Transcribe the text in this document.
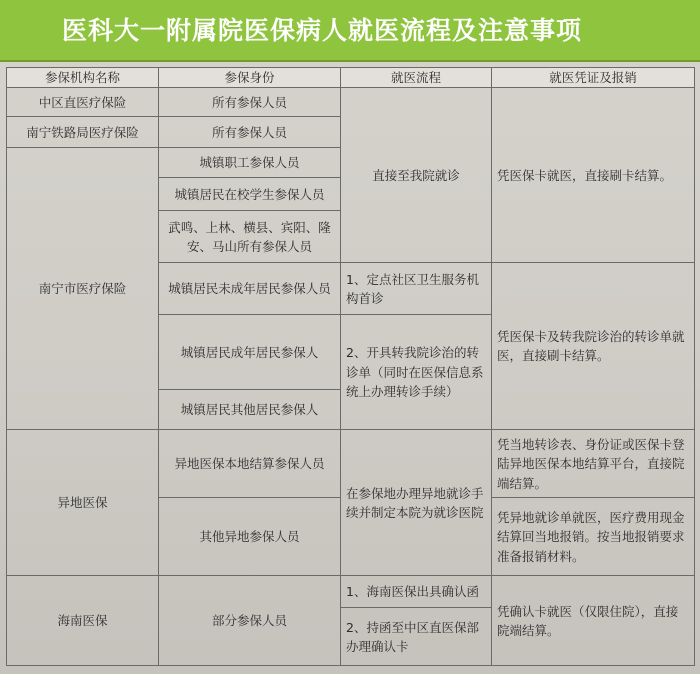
医科大一附属院医保病人就医流程及注意事项
参保机构名称	参保身份	就医流程	就医凭证及报销
中区直医疗保险	所有参保人员	直接至我院就诊	凭医保卡就医，直接刷卡结算。
南宁铁路局医疗保险	所有参保人员		
南宁市医疗保险	城镇职工参保人员		
	城镇居民在校学生参保人员		
	武鸣、上林、横县、宾阳、隆安、马山所有参保人员		
	城镇居民未成年居民参保人员	1、定点社区卫生服务机构首诊	凭医保卡及转我院诊治的转诊单就医，直接刷卡结算。
	城镇居民成年居民参保人	2、开具转我院诊治的转诊单（同时在医保信息系统上办理转诊手续）	
	城镇居民其他居民参保人		
异地医保	异地医保本地结算参保人员	在参保地办理异地就诊手续并制定本院为就诊医院	凭当地转诊表、身份证或医保卡登陆异地医保本地结算平台，直接院端结算。
	其他异地参保人员		凭异地就诊单就医，医疗费用现金结算回当地报销。按当地报销要求准备报销材料。
海南医保	部分参保人员	1、海南医保出具确认函	凭确认卡就医（仅限住院），直接院端结算。
		2、持函至中区直医保部办理确认卡	
